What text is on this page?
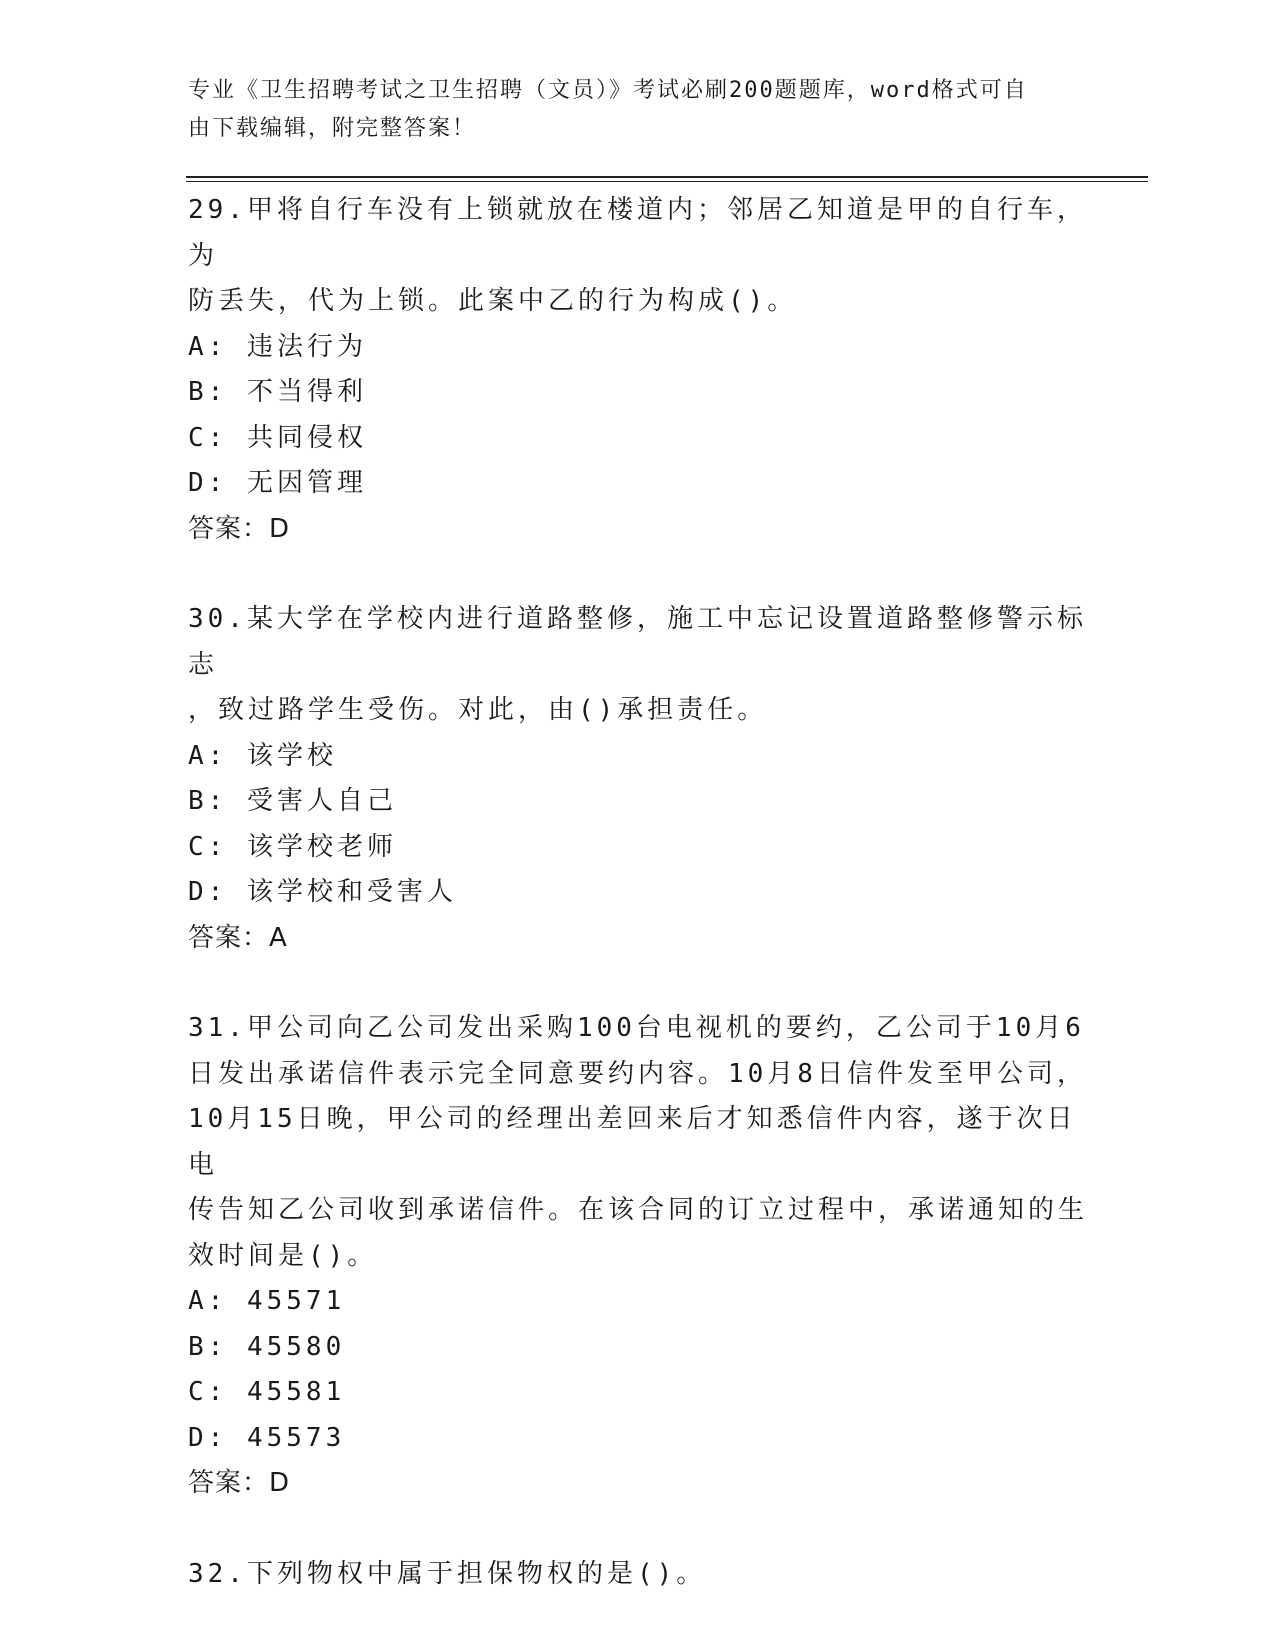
专业《卫生招聘考试之卫生招聘（文员）》考试必刷200题题库，word格式可自
由下载编辑，附完整答案！
29.甲将自行车没有上锁就放在楼道内；邻居乙知道是甲的自行车，为
防丢失，代为上锁。此案中乙的行为构成()。
A: 违法行为
B: 不当得利
C: 共同侵权
D: 无因管理
答案：D
30.某大学在学校内进行道路整修，施工中忘记设置道路整修警示标志
，致过路学生受伤。对此，由()承担责任。
A: 该学校
B: 受害人自己
C: 该学校老师
D: 该学校和受害人
答案：A
31.甲公司向乙公司发出采购100台电视机的要约，乙公司于10月6
日发出承诺信件表示完全同意要约内容。10月8日信件发至甲公司，
10月15日晚，甲公司的经理出差回来后才知悉信件内容，遂于次日电
传告知乙公司收到承诺信件。在该合同的订立过程中，承诺通知的生
效时间是()。
A: 45571
B: 45580
C: 45581
D: 45573
答案：D
32.下列物权中属于担保物权的是()。
